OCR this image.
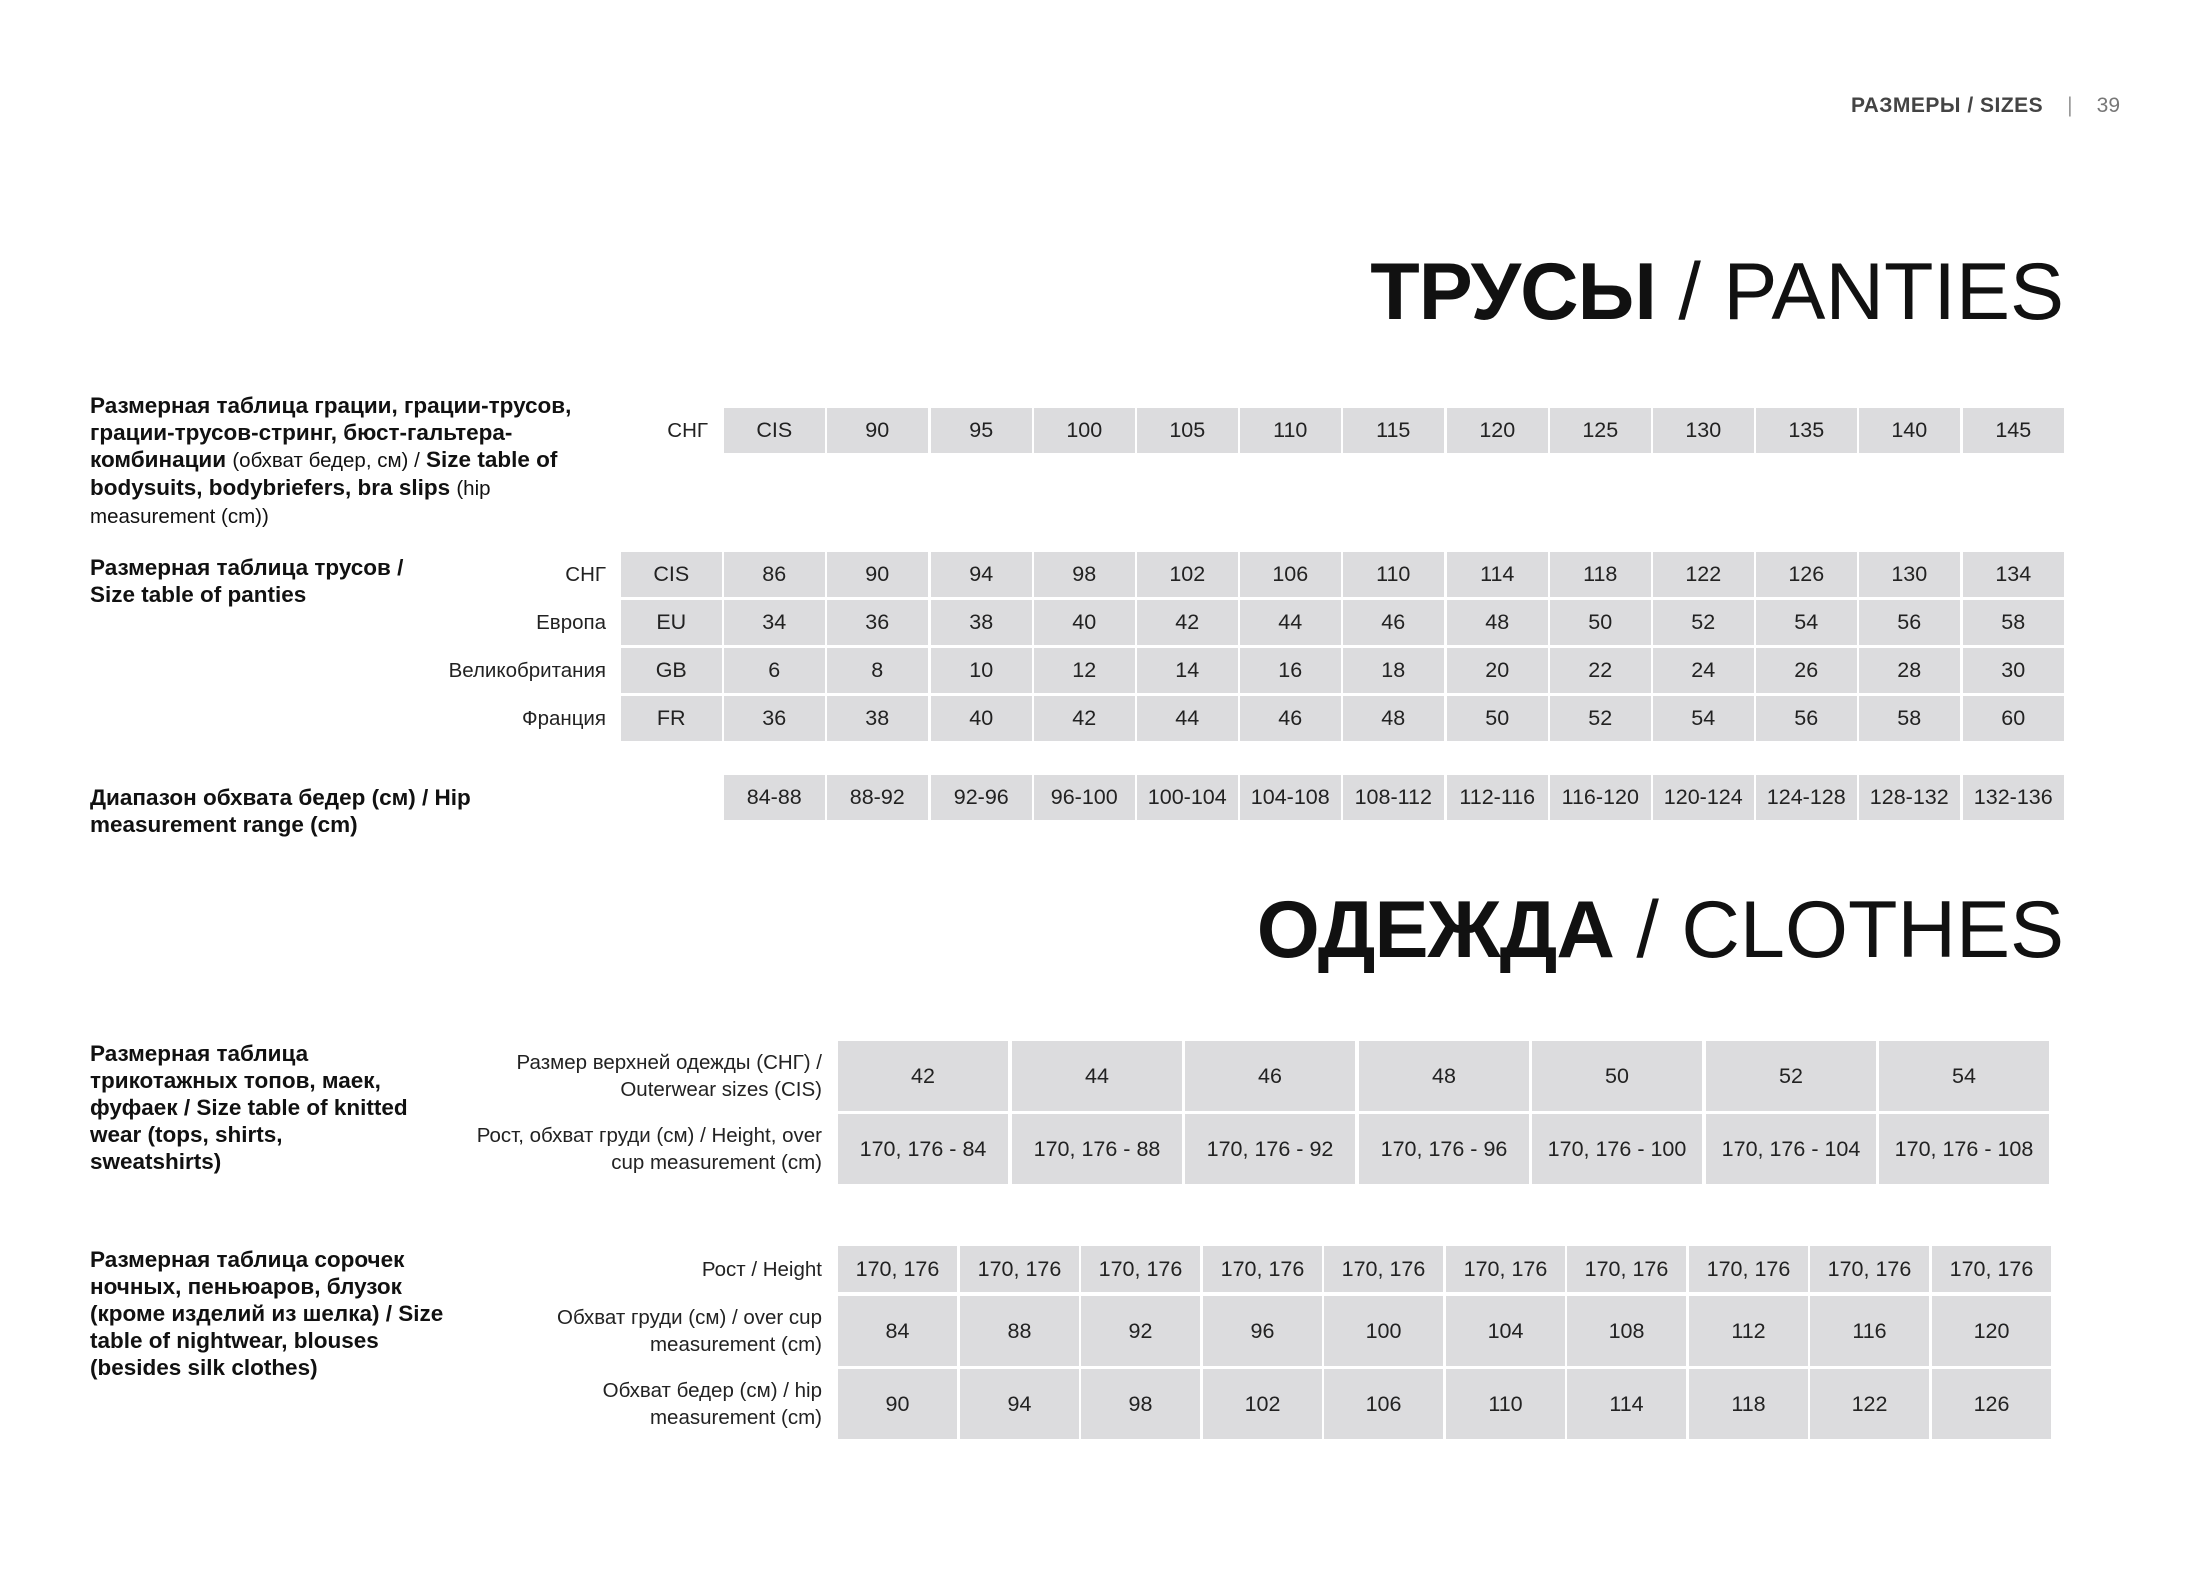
РАЗМЕРЫ / SIZES | 39
ТРУСЫ / PANTIES
Размерная таблица грации, грации-трусов, грации-трусов-стринг, бюст-гальтера-комбинации (обхват бедер, см) / Size table of bodysuits, bodybriefers, bra slips (hip measurement (cm))
СНГ	CIS	90	95	100	105	110	115	120	125	130	135	140	145
Размерная таблица трусов / Size table of panties
СНГ	CIS	86	90	94	98	102	106	110	114	118	122	126	130	134
Европа	EU	34	36	38	40	42	44	46	48	50	52	54	56	58
Великобритания	GB	6	8	10	12	14	16	18	20	22	24	26	28	30
Франция	FR	36	38	40	42	44	46	48	50	52	54	56	58	60
Диапазон обхвата бедер (см) / Hip measurement range (cm)
84-88	88-92	92-96	96-100	100-104	104-108	108-112	112-116	116-120	120-124	124-128	128-132	132-136
ОДЕЖДА / CLOTHES
Размерная таблица трикотажных топов, маек, фуфаек / Size table of knitted wear (tops, shirts, sweatshirts)
Размер верхней одежды (СНГ) / Outerwear sizes (CIS)
42	44	46	48	50	52	54
Рост, обхват груди (см) / Height, over cup measurement (cm)
170, 176 - 84	170, 176 - 88	170, 176 - 92	170, 176 - 96	170, 176 - 100	170, 176 - 104	170, 176 - 108
Размерная таблица сорочек ночных, пеньюаров, блузок (кроме изделий из шелка) / Size table of nightwear, blouses (besides silk clothes)
Рост / Height	170, 176	170, 176	170, 176	170, 176	170, 176	170, 176	170, 176	170, 176	170, 176	170, 176
Обхват груди (см) / over cup measurement (cm)
84	88	92	96	100	104	108	112	116	120
Обхват бедер (см) / hip measurement (cm)
90	94	98	102	106	110	114	118	122	126
